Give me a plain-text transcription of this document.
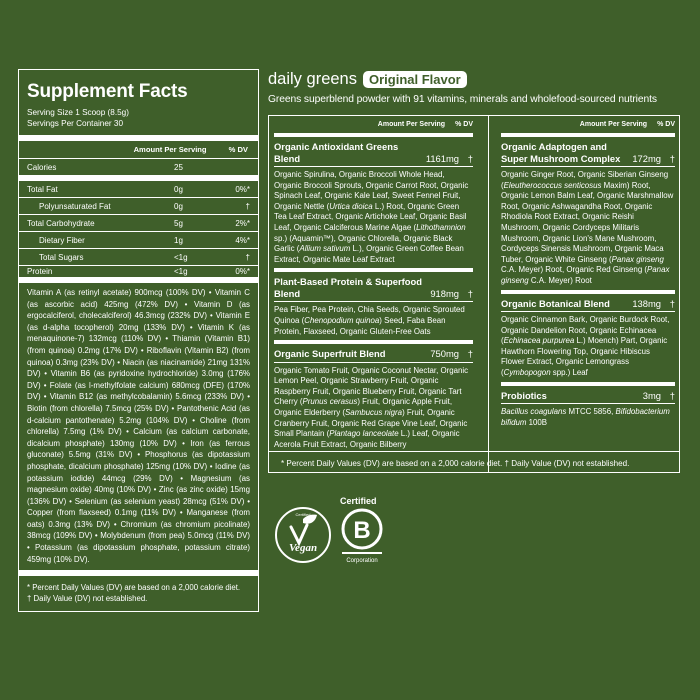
Supplement Facts
Serving Size 1 Scoop (8.5g)
Servings Per Container 30
Amount Per Serving	% DV
Calories	25
Total Fat	0g	0%*
Polyunsaturated Fat	0g	†
Total Carbohydrate	5g	2%*
Dietary Fiber	1g	4%*
Total Sugars	<1g	†
Protein	<1g	0%*
Vitamin A (as retinyl acetate) 900mcg (100% DV) • Vitamin C (as ascorbic acid) 425mg (472% DV) • Vitamin D (as ergocalciferol, cholecalciferol) 46.3mcg (232% DV) • Vitamin E (as d-alpha tocopherol) 20mg (133% DV) • Vitamin K (as menaquinone-7) 132mcg (110% DV) • Thiamin (Vitamin B1) (from quinoa) 0.2mg (17% DV) • Riboflavin (Vitamin B2) (from quinoa) 0.3mg (23% DV) • Niacin (as niacinamide) 21mg 131% DV) • Vitamin B6 (as pyridoxine hydrochloride) 3.0mg (176% DV) • Folate (as l-methylfolate calcium) 680mcg (DFE) (170% DV) • Vitamin B12 (as methylcobalamin) 5.6mcg (233% DV) • Biotin (from chlorella) 7.5mcg (25% DV) • Pantothenic Acid (as d-calcium pantothenate) 5.2mg (104% DV) • Choline (from chlorella) 7.5mg (1% DV) • Calcium (as calcium carbonate, dicalcium phosphate) 130mg (10% DV) • Iron (as ferrous gluconate) 5.5mg (31% DV) • Phosphorus (as dipotassium phosphate, dicalcium phosphate) 125mg (10% DV) • Iodine (as potassium iodide) 44mcg (29% DV) • Magnesium (as magnesium oxide) 40mg (10% DV) • Zinc (as zinc oxide) 15mg (136% DV) • Selenium (as selenium yeast) 28mcg (51% DV) • Copper (from flaxseed) 0.1mg (11% DV) • Manganese (from oats) 0.3mg (13% DV) • Chromium (as chromium picolinate) 38mcg (109% DV) • Molybdenum (from pea) 5.0mcg (11% DV) • Potassium (as dipotassium phosphate, potassium citrate) 459mg (10% DV).
* Percent Daily Values (DV) are based on a 2,000 calorie diet.
† Daily Value (DV) not established.
daily greens Original Flavor
Greens superblend powder with 91 vitamins, minerals and wholefood-sourced nutrients
Amount Per Serving % DV
Organic Antioxidant Greens Blend	1161mg †
Organic Spirulina, Organic Broccoli Whole Head, Organic Broccoli Sprouts, Organic Carrot Root, Organic Spinach Leaf, Organic Kale Leaf, Sweet Fennel Fruit, Organic Nettle (Urtica dioica L.) Root, Organic Green Tea Leaf Extract, Organic Artichoke Leaf, Organic Basil Leaf, Organic Calciferous Marine Algae (Lithothamnion sp.) (Aquamin™), Organic Chlorella, Organic Black Garlic (Allium sativum L.), Organic Green Coffee Bean Extract, Organic Mate Leaf Extract
Plant-Based Protein & Superfood Blend	918mg †
Pea Fiber, Pea Protein, Chia Seeds, Organic Sprouted Quinoa (Chenopodium quinoa) Seed, Faba Bean Protein, Flaxseed, Organic Gluten-Free Oats
Organic Superfruit Blend	750mg †
Organic Tomato Fruit, Organic Coconut Nectar, Organic Lemon Peel, Organic Strawberry Fruit, Organic Raspberry Fruit, Organic Blueberry Fruit, Organic Tart Cherry (Prunus cerasus) Fruit, Organic Apple Fruit, Organic Elderberry (Sambucus nigra) Fruit, Organic Cranberry Fruit, Organic Red Grape Vine Leaf, Organic Small Plantain (Plantago lanceolate L.) Leaf, Organic Acerola Fruit Extract, Organic Bilberry
Amount Per Serving % DV
Organic Adaptogen and Super Mushroom Complex	172mg †
Organic Ginger Root, Organic Siberian Ginseng (Eleutherococcus senticosus Maxim) Root, Organic Lemon Balm Leaf, Organic Marshmallow Root, Organic Ashwagandha Root, Organic Rhodiola Root Extract, Organic Reishi Mushroom, Organic Cordyceps Militaris Mushroom, Organic Lion's Mane Mushroom, Cordyceps Sinensis Mushroom, Organic Maca Tuber, Organic White Ginseng (Panax ginseng C.A. Meyer) Root, Organic Red Ginseng (Panax ginseng C.A. Meyer) Root
Organic Botanical Blend	138mg †
Organic Cinnamon Bark, Organic Burdock Root, Organic Dandelion Root, Organic Echinacea (Echinacea purpurea L.) Moench) Part, Organic Hawthorn Flowering Top, Organic Hibiscus Flower Extract, Organic Lemongrass (Cymbopogon spp.) Leaf
Probiotics	3mg †
Bacillus coagulans MTCC 5856, Bifidobacterium bifidum 100B
* Percent Daily Values (DV) are based on a 2,000 calorie diet. † Daily Value (DV) not established.
Vegan
Certified
Certified
B
Corporation
